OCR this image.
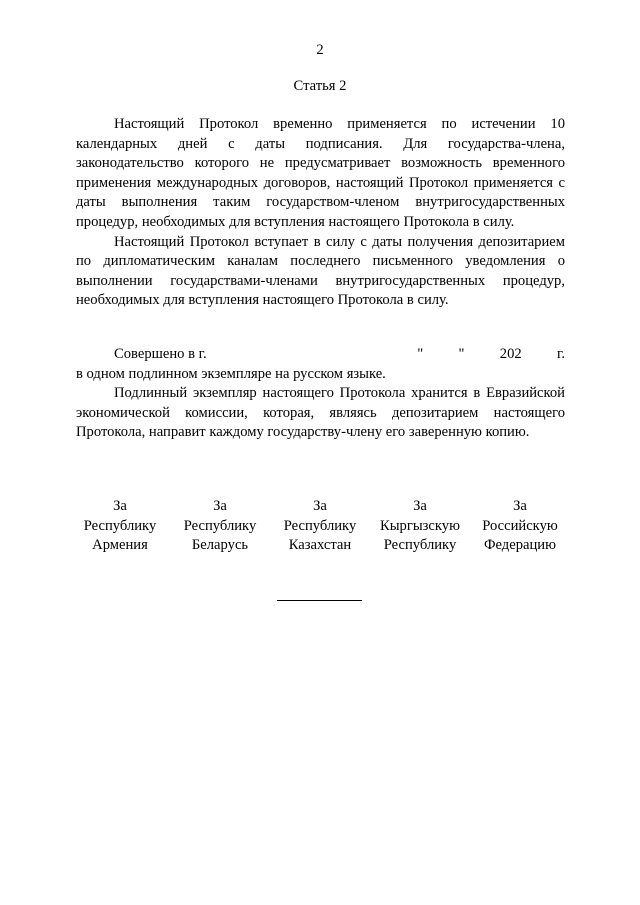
2
Статья 2

Настоящий Протокол временно применяется по истечении 10 календарных дней с даты подписания. Для государства-члена, законодательство которого не предусматривает возможность временного применения международных договоров, настоящий Протокол применяется с даты выполнения таким государством-членом внутригосударственных процедур, необходимых для вступления настоящего Протокола в силу.

Настоящий Протокол вступает в силу с даты получения депозитарием по дипломатическим каналам последнего письменного уведомления о выполнении государствами-членами внутригосударственных процедур, необходимых для вступления настоящего Протокола в силу.

Совершено в г.	" " 202 г.

в одном подлинном экземпляре на русском языке.

Подлинный экземпляр настоящего Протокола хранится в Евразийской экономической комиссии, которая, являясь депозитарием настоящего Протокола, направит каждому государству-члену его заверенную копию.

За
Республику
Армения
За
Республику
Беларусь
За
Республику
Казахстан
За
Кыргызскую
Республику
За
Российскую
Федерацию
